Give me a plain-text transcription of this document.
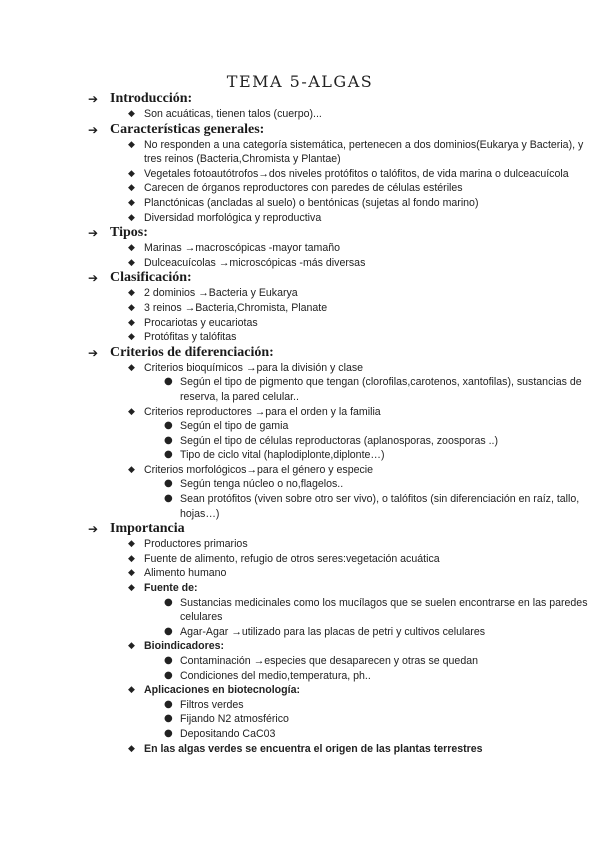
TEMA 5-ALGAS
➔ Introducción:
◆ Son acuáticas, tienen talos (cuerpo)...
➔ Características generales:
◆ No responden a una categoría sistemática, pertenecen a dos dominios(Eukarya y Bacteria), y tres reinos (Bacteria,Chromista y Plantae)
◆ Vegetales fotoautótrofos→dos niveles protófitos o talófitos, de vida marina o dulceacuícola
◆ Carecen de órganos reproductores con paredes de células estériles
◆ Planctónicas (ancladas al suelo) o bentónicas (sujetas al fondo marino)
◆ Diversidad morfológica y reproductiva
➔ Tipos:
◆ Marinas →macroscópicas -mayor tamaño
◆ Dulceacuícolas →microscópicas -más diversas
➔ Clasificación:
◆ 2 dominios →Bacteria y Eukarya
◆ 3 reinos →Bacteria,Chromista, Planate
◆ Procariotas y eucariotas
◆ Protófitas y talófitas
➔ Criterios de diferenciación:
◆ Criterios bioquímicos →para la división y clase
● Según el tipo de pigmento que tengan (clorofilas,carotenos, xantofilas), sustancias de reserva, la pared celular..
◆ Criterios reproductores →para el orden y la familia
● Según el tipo de gamia
● Según el tipo de células reproductoras (aplanosporas, zoosporas ..)
● Tipo de ciclo vital (haplodiplonte,diplonte…)
◆ Criterios morfológicos→para el género y especie
● Según tenga núcleo o no,flagelos..
● Sean protófitos (viven sobre otro ser vivo), o talófitos (sin diferenciación en raíz, tallo, hojas…)
➔ Importancia
◆ Productores primarios
◆ Fuente de alimento, refugio de otros seres:vegetación acuática
◆ Alimento humano
◆ Fuente de:
● Sustancias medicinales como los mucílagos que se suelen encontrarse en las paredes celulares
● Agar-Agar →utilizado para las placas de petri y cultivos celulares
◆ Bioindicadores:
● Contaminación →especies que desaparecen y otras se quedan
● Condiciones del medio,temperatura, ph..
◆ Aplicaciones en biotecnología:
● Filtros verdes
● Fijando N2 atmosférico
● Depositando CaC03
◆ En las algas verdes se encuentra el origen de las plantas terrestres
